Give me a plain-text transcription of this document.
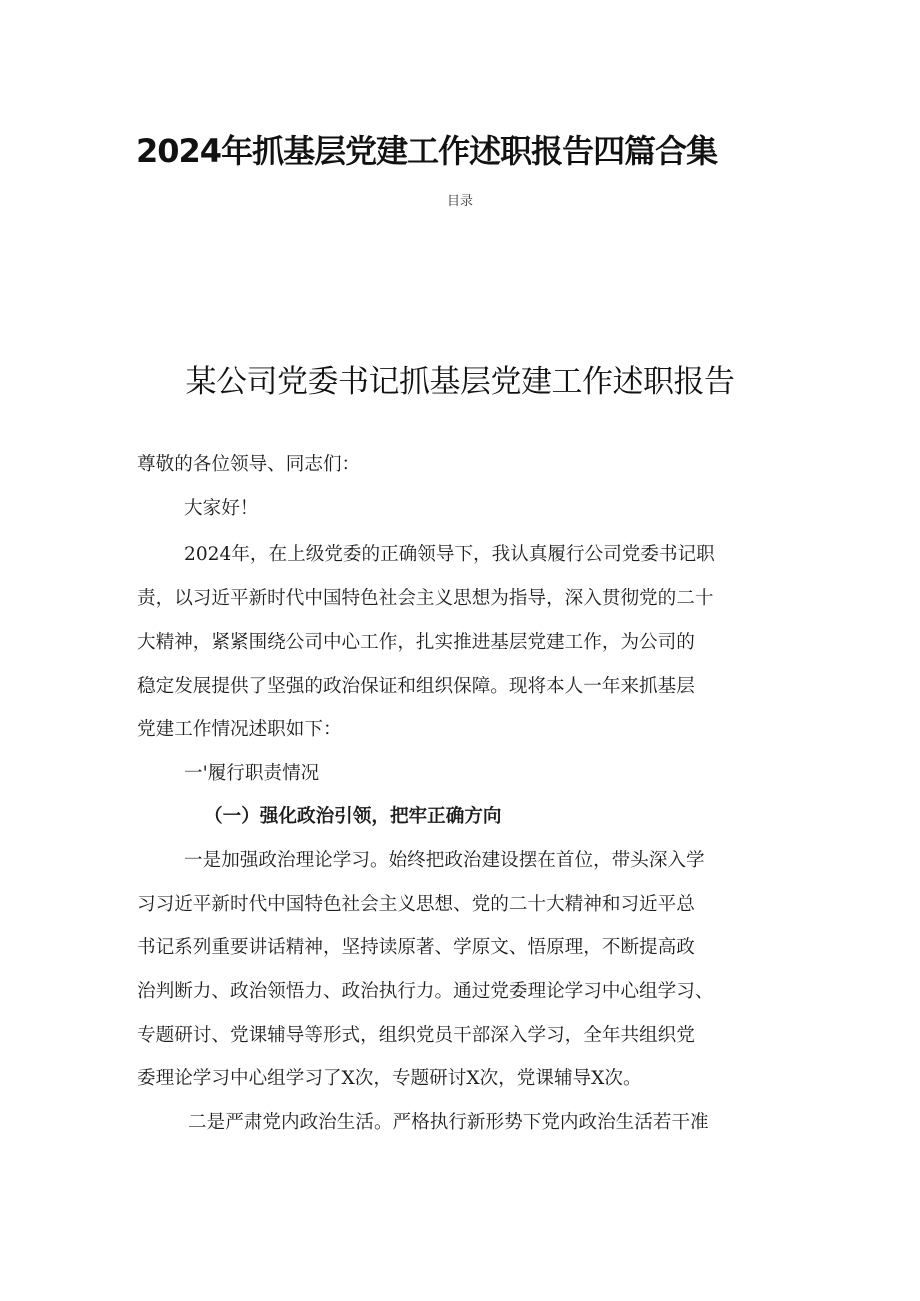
2024年抓基层党建工作述职报告四篇合集
目录
某公司党委书记抓基层党建工作述职报告
尊敬的各位领导、同志们：
大家好！
2024年，在上级党委的正确领导下，我认真履行公司党委书记职
责，以习近平新时代中国特色社会主义思想为指导，深入贯彻党的二十
大精神，紧紧围绕公司中心工作，扎实推进基层党建工作，为公司的
稳定发展提供了坚强的政治保证和组织保障。现将本人一年来抓基层
党建工作情况述职如下：
一'履行职责情况
（一）强化政治引领，把牢正确方向
一是加强政治理论学习。始终把政治建设摆在首位，带头深入学
习习近平新时代中国特色社会主义思想、党的二十大精神和习近平总
书记系列重要讲话精神，坚持读原著、学原文、悟原理，不断提高政
治判断力、政治领悟力、政治执行力。通过党委理论学习中心组学习、
专题研讨、党课辅导等形式，组织党员干部深入学习，全年共组织党
委理论学习中心组学习了X次，专题研讨X次，党课辅导X次。
二是严肃党内政治生活。严格执行新形势下党内政治生活若干准
